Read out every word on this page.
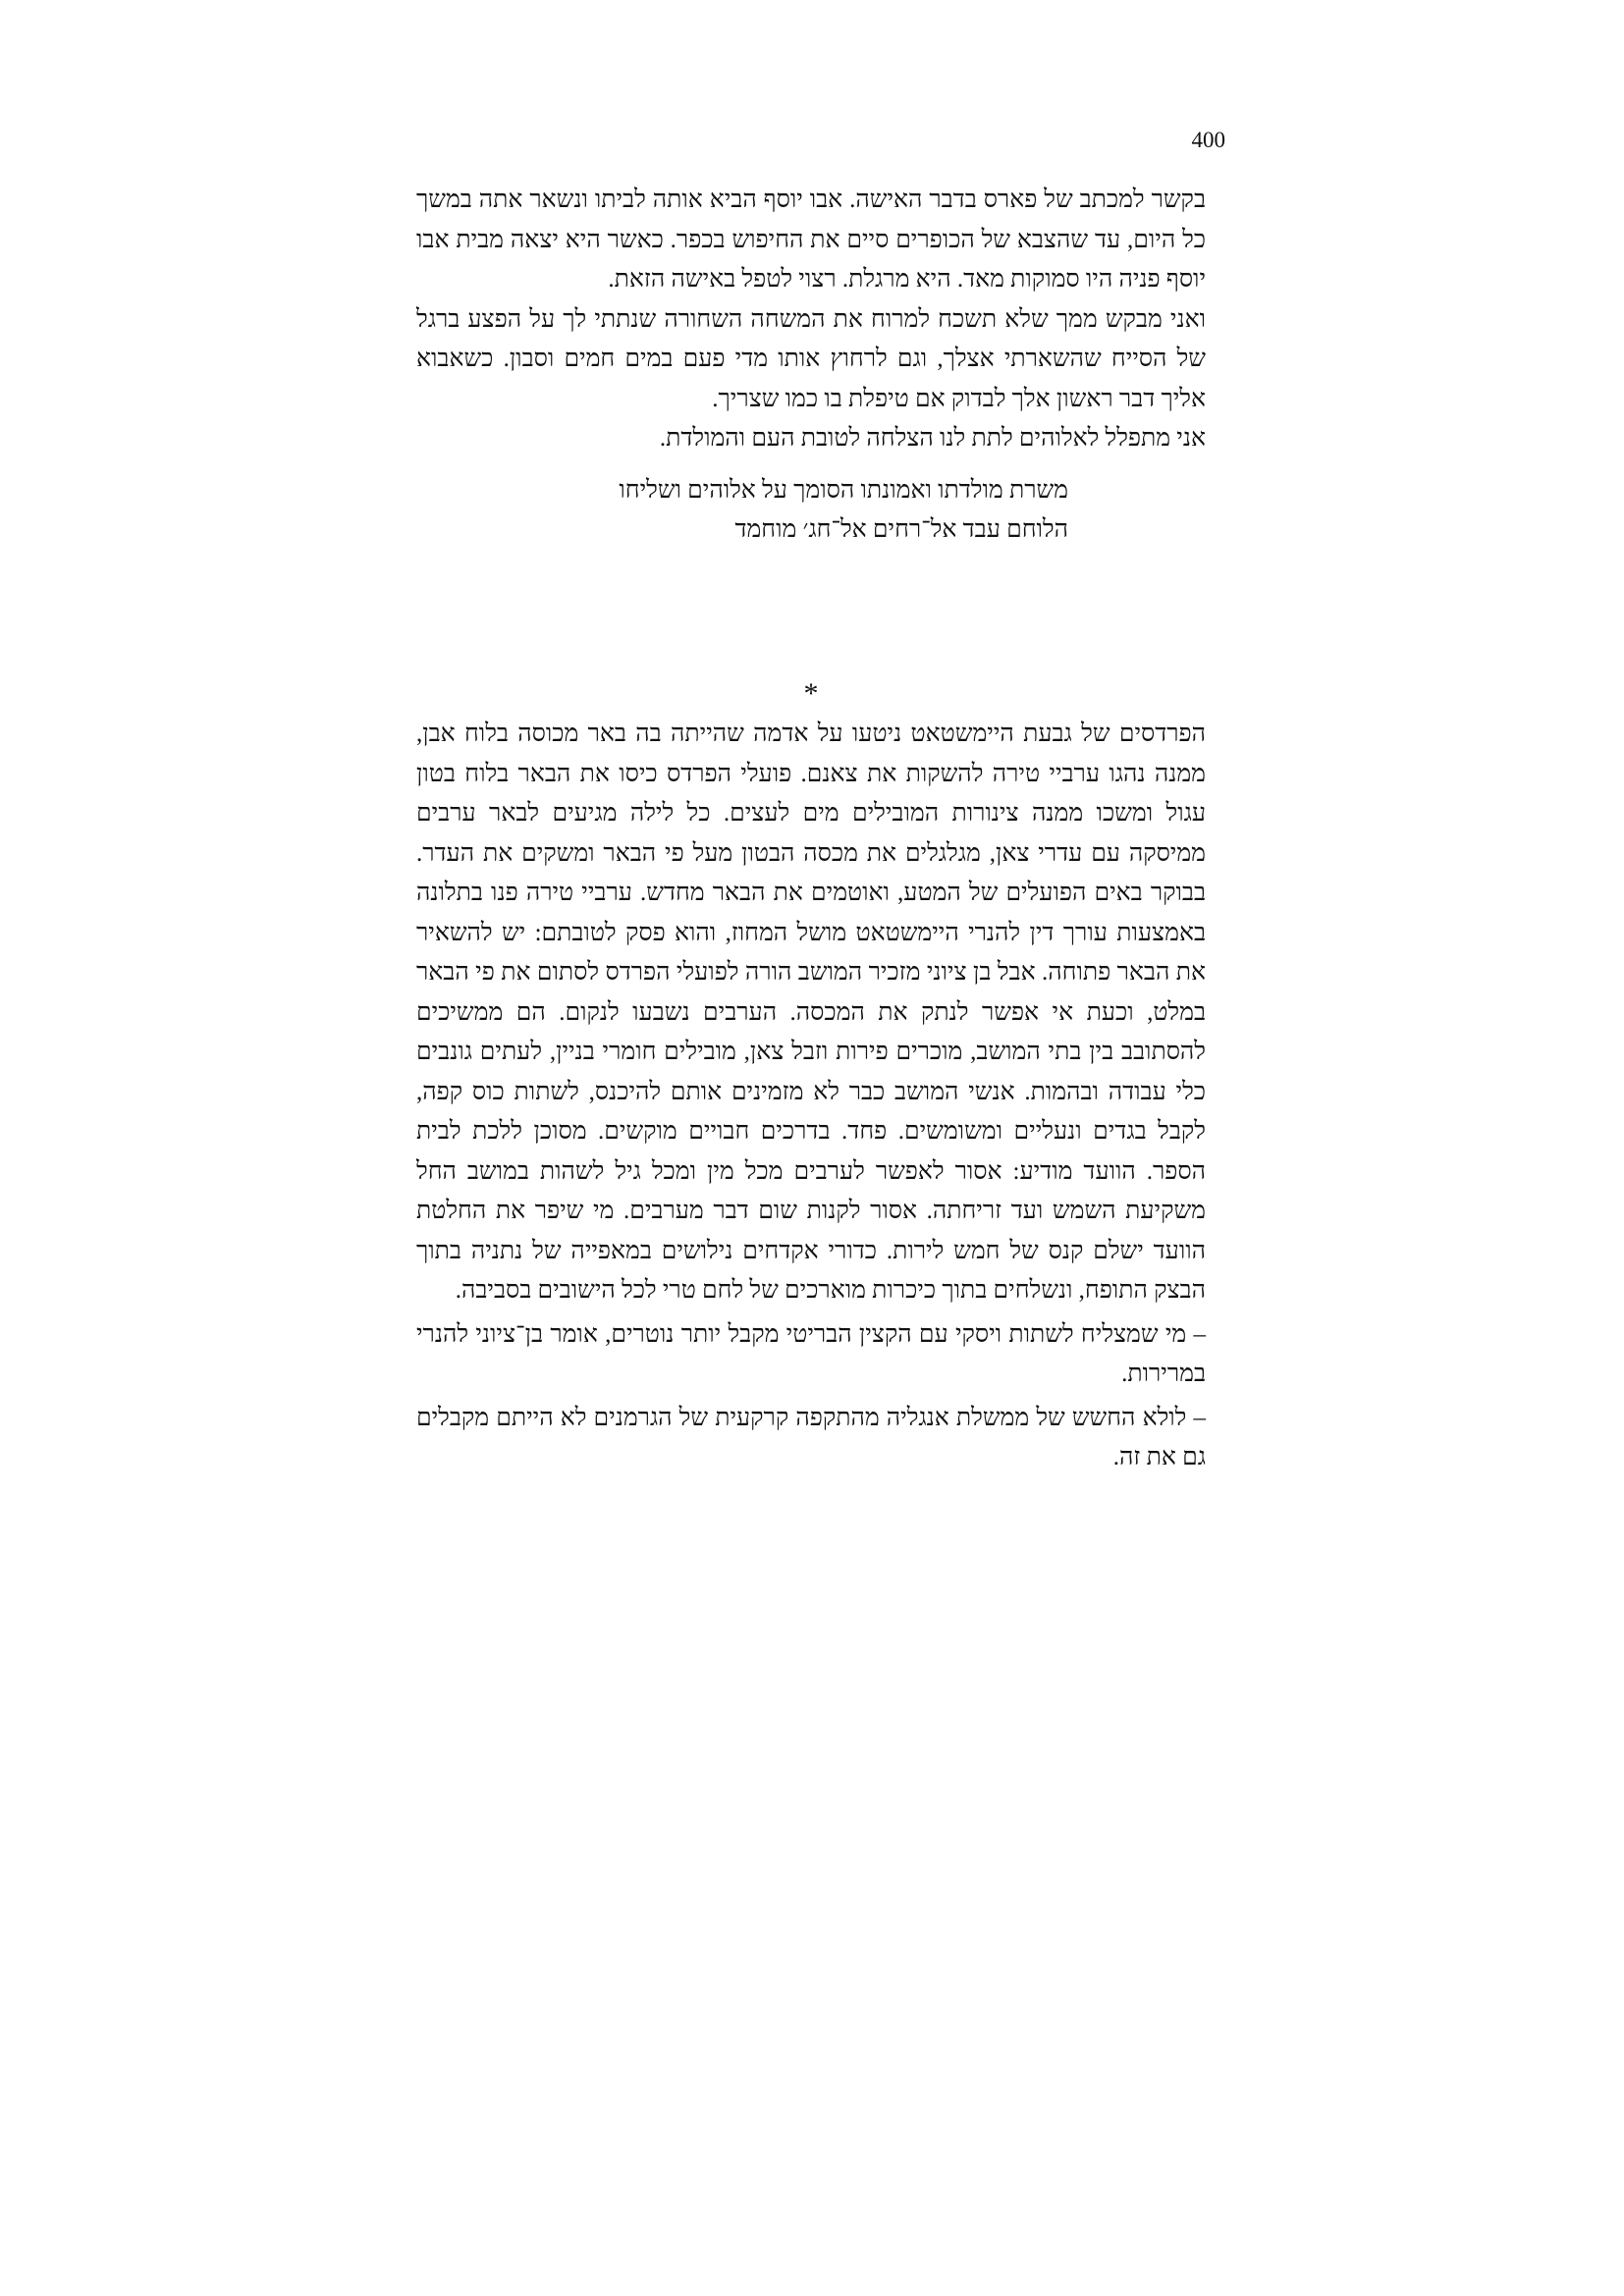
400

בקשר למכתב של פארס בדבר האישה. אבו יוסף הביא אותה לביתו ונשאר אתה במשך כל היום, עד שהצבא של הכופרים סיים את החיפוש בכפר. כאשר היא יצאה מבית אבו יוסף פניה היו סמוקות מאד. היא מרגלת. רצוי לטפל באישה הזאת.

ואני מבקש ממך שלא תשכח למרוח את המשחה השחורה שנתתי לך על הפצע ברגל של הסייח שהשארתי אצלך, וגם לרחוץ אותו מדי פעם במים חמים וסבון. כשאבוא אליך דבר ראשון אלך לבדוק אם טיפלת בו כמו שצריך.

אני מתפלל לאלוהים לתת לנו הצלחה לטובת העם והמולדת.

משרת מולדתו ואמונתו הסומך על אלוהים ושליחו
הלוחם עבד אל־רחים אל־חג׳ מוחמד
*

הפרדסים של גבעת היימשטאט ניטעו על אדמה שהייתה בה באר מכוסה בלוח אבן, ממנה נהגו ערביי טירה להשקות את צאנם. פועלי הפרדס כיסו את הבאר בלוח בטון עגול ומשכו ממנה צינורות המובילים מים לעצים. כל לילה מגיעים לבאר ערבים ממיסקה עם עדרי צאן, מגלגלים את מכסה הבטון מעל פי הבאר ומשקים את העדר. בבוקר באים הפועלים של המטע, ואוטמים את הבאר מחדש. ערביי טירה פנו בתלונה באמצעות עורך דין להנרי היימשטאט מושל המחוז, והוא פסק לטובתם: יש להשאיר את הבאר פתוחה. אבל בן ציוני מזכיר המושב הורה לפועלי הפרדס לסתום את פי הבאר במלט, וכעת אי אפשר לנתק את המכסה. הערבים נשבעו לנקום. הם ממשיכים להסתובב בין בתי המושב, מוכרים פירות וזבל צאן, מובילים חומרי בניין, לעתים גונבים כלי עבודה ובהמות. אנשי המושב כבר לא מזמינים אותם להיכנס, לשתות כוס קפה, לקבל בגדים ונעליים ומשומשים. פחד. בדרכים חבויים מוקשים. מסוכן ללכת לבית הספר. הוועד מודיע: אסור לאפשר לערבים מכל מין ומכל גיל לשהות במושב החל משקיעת השמש ועד זריחתה. אסור לקנות שום דבר מערבים. מי שיפר את החלטת הוועד ישלם קנס של חמש לירות. כדורי אקדחים נילושים במאפייה של נתניה בתוך הבצק התופח, ונשלחים בתוך כיכרות מוארכים של לחם טרי לכל הישובים בסביבה.

– מי שמצליח לשתות ויסקי עם הקצין הבריטי מקבל יותר נוטרים, אומר בן־ציוני להנרי במרירות.

– לולא החשש של ממשלת אנגליה מהתקפה קרקעית של הגרמנים לא הייתם מקבלים גם את זה.
